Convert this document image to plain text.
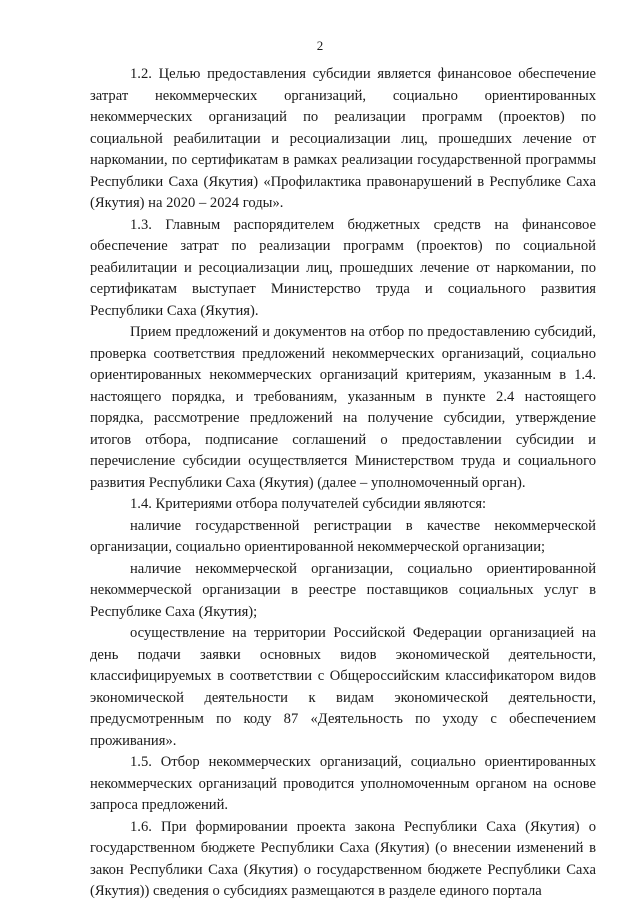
2

1.2. Целью предоставления субсидии является финансовое обеспечение затрат некоммерческих организаций, социально ориентированных некоммерческих организаций по реализации программ (проектов) по социальной реабилитации и ресоциализации лиц, прошедших лечение от наркомании, по сертификатам в рамках реализации государственной программы Республики Саха (Якутия) «Профилактика правонарушений в Республике Саха (Якутия) на 2020 – 2024 годы».

1.3. Главным распорядителем бюджетных средств на финансовое обеспечение затрат по реализации программ (проектов) по социальной реабилитации и ресоциализации лиц, прошедших лечение от наркомании, по сертификатам выступает Министерство труда и социального развития Республики Саха (Якутия).

Прием предложений и документов на отбор по предоставлению субсидий, проверка соответствия предложений некоммерческих организаций, социально ориентированных некоммерческих организаций критериям, указанным в 1.4. настоящего порядка, и требованиям, указанным в пункте 2.4 настоящего порядка, рассмотрение предложений на получение субсидии, утверждение итогов отбора, подписание соглашений о предоставлении субсидии и перечисление субсидии осуществляется Министерством труда и социального развития Республики Саха (Якутия) (далее – уполномоченный орган).

1.4. Критериями отбора получателей субсидии являются:

наличие государственной регистрации в качестве некоммерческой организации, социально ориентированной некоммерческой организации;

наличие некоммерческой организации, социально ориентированной некоммерческой организации в реестре поставщиков социальных услуг в Республике Саха (Якутия);

осуществление на территории Российской Федерации организацией на день подачи заявки основных видов экономической деятельности, классифицируемых в соответствии с Общероссийским классификатором видов экономической деятельности к видам экономической деятельности, предусмотренным по коду 87 «Деятельность по уходу с обеспечением проживания».

1.5. Отбор некоммерческих организаций, социально ориентированных некоммерческих организаций проводится уполномоченным органом на основе запроса предложений.

1.6. При формировании проекта закона Республики Саха (Якутия) о государственном бюджете Республики Саха (Якутия) (о внесении изменений в закон Республики Саха (Якутия) о государственном бюджете Республики Саха (Якутия)) сведения о субсидиях размещаются в разделе единого портала
